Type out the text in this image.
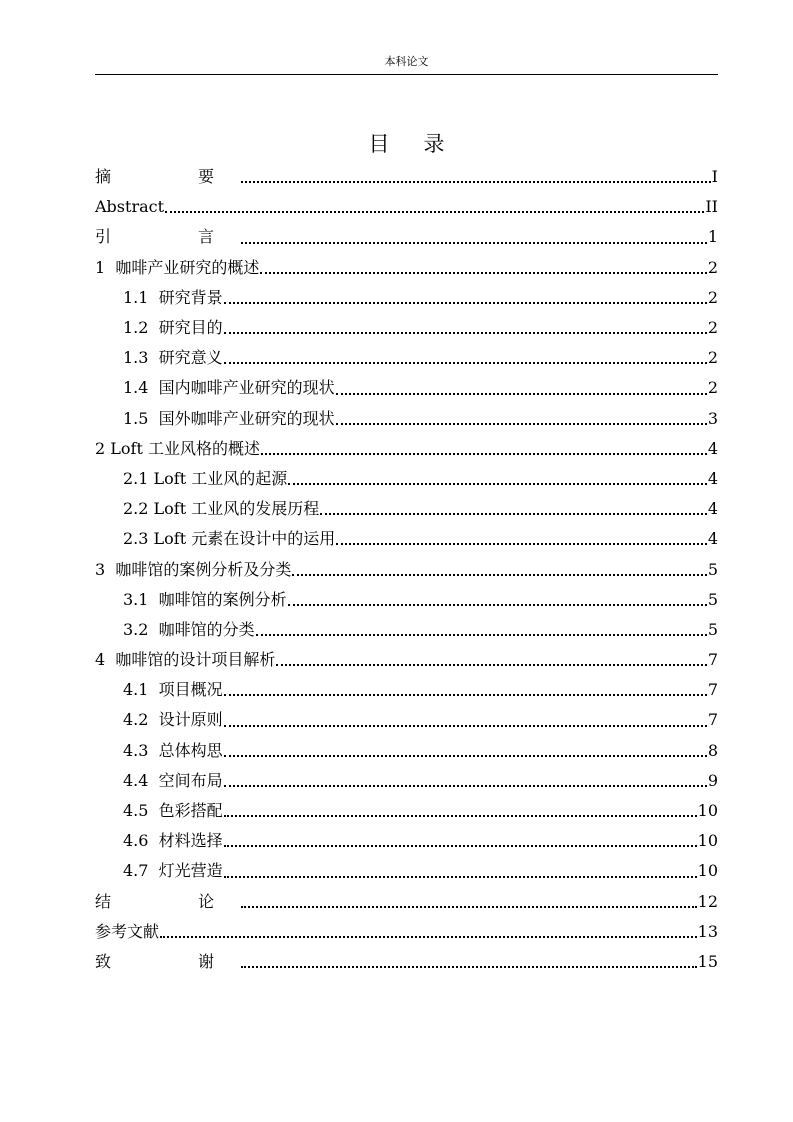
本科论文
目录
摘  要	I
Abstract	II
引  言	1
1  咖啡产业研究的概述	2
1.1  研究背景	2
1.2  研究目的	2
1.3  研究意义	2
1.4  国内咖啡产业研究的现状	2
1.5  国外咖啡产业研究的现状	3
2 Loft 工业风格的概述	4
2.1 Loft 工业风的起源	4
2.2 Loft 工业风的发展历程	4
2.3 Loft 元素在设计中的运用	4
3  咖啡馆的案例分析及分类	5
3.1  咖啡馆的案例分析	5
3.2  咖啡馆的分类	5
4  咖啡馆的设计项目解析	7
4.1  项目概况	7
4.2  设计原则	7
4.3  总体构思	8
4.4  空间布局	9
4.5  色彩搭配	10
4.6  材料选择	10
4.7  灯光营造	10
结  论	12
参考文献	13
致  谢	15
